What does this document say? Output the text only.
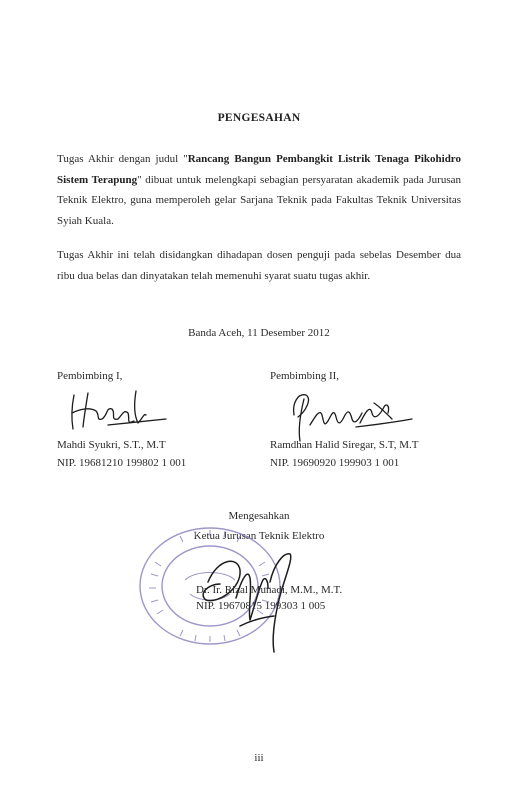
PENGESAHAN
Tugas Akhir dengan judul "Rancang Bangun Pembangkit Listrik Tenaga Pikohidro Sistem Terapung" dibuat untuk melengkapi sebagian persyaratan akademik pada Jurusan Teknik Elektro, guna memperoleh gelar Sarjana Teknik pada Fakultas Teknik Universitas Syiah Kuala.
Tugas Akhir ini telah disidangkan dihadapan dosen penguji pada sebelas Desember dua ribu dua belas dan dinyatakan telah memenuhi syarat suatu tugas akhir.
Banda Aceh, 11 Desember 2012
Pembimbing I,
Mahdi Syukri, S.T., M.T
NIP. 19681210 199802 1 001
Pembimbing II,
Ramdhan Halid Siregar, S.T, M.T
NIP. 19690920 199903 1 001
Mengesahkan
Ketua Jurusan Teknik Elektro
Dr. Ir. Rizal Munadi, M.M., M.T.
NIP. 19670815 199303 1 005
iii
